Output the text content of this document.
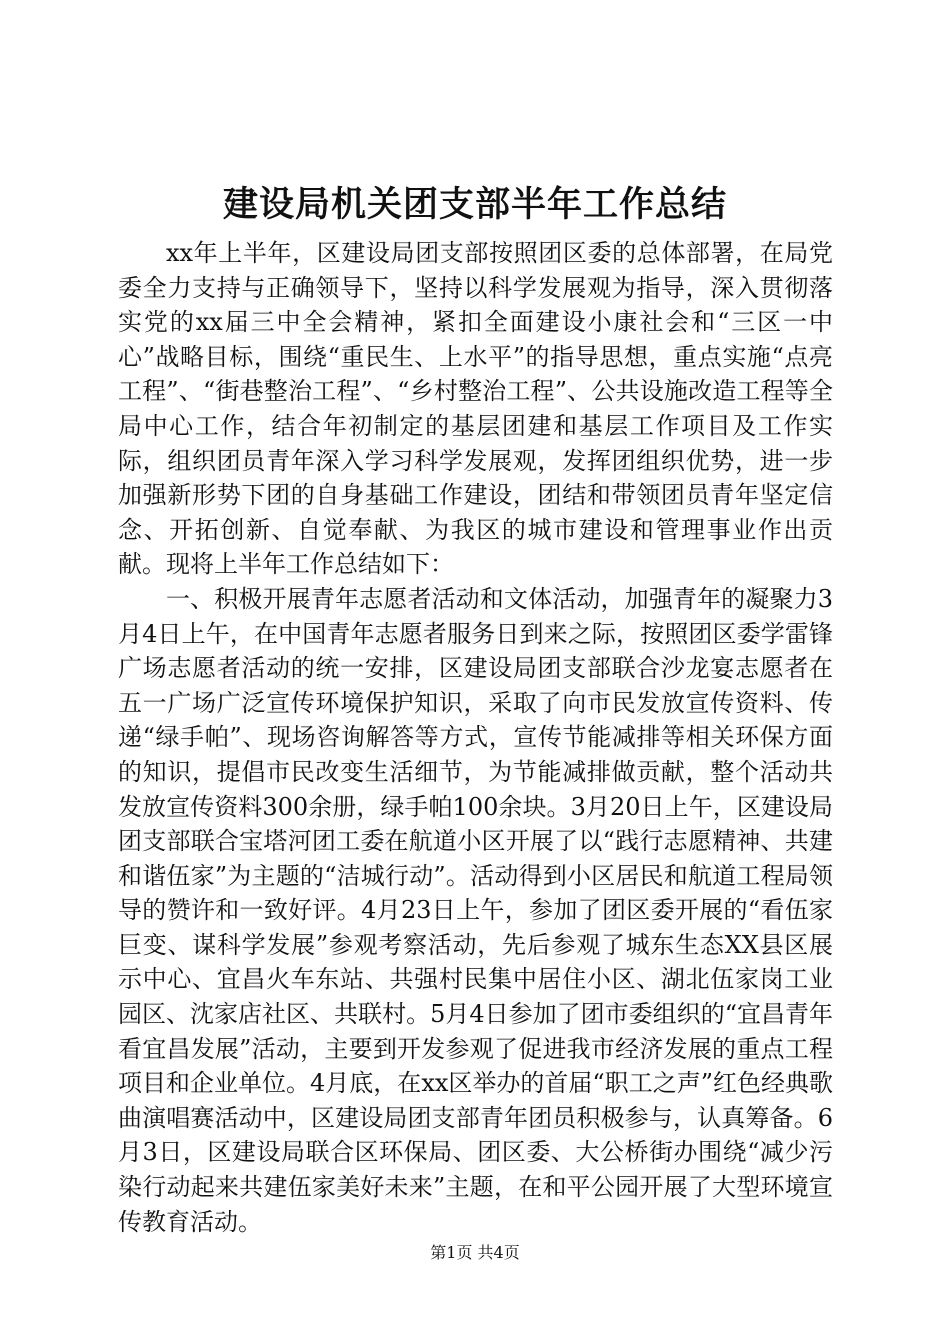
建设局机关团支部半年工作总结

xx年上半年，区建设局团支部按照团区委的总体部署，在局党委全力支持与正确领导下，坚持以科学发展观为指导，深入贯彻落实党的xx届三中全会精神，紧扣全面建设小康社会和“三区一中心”战略目标，围绕“重民生、上水平”的指导思想，重点实施“点亮工程”、“街巷整治工程”、“乡村整治工程”、公共设施改造工程等全局中心工作，结合年初制定的基层团建和基层工作项目及工作实际，组织团员青年深入学习科学发展观，发挥团组织优势，进一步加强新形势下团的自身基础工作建设，团结和带领团员青年坚定信念、开拓创新、自觉奉献、为我区的城市建设和管理事业作出贡献。现将上半年工作总结如下：

一、积极开展青年志愿者活动和文体活动，加强青年的凝聚力3月4日上午，在中国青年志愿者服务日到来之际，按照团区委学雷锋广场志愿者活动的统一安排，区建设局团支部联合沙龙宴志愿者在五一广场广泛宣传环境保护知识，采取了向市民发放宣传资料、传递“绿手帕”、现场咨询解答等方式，宣传节能减排等相关环保方面的知识，提倡市民改变生活细节，为节能减排做贡献，整个活动共发放宣传资料300余册，绿手帕100余块。3月20日上午，区建设局团支部联合宝塔河团工委在航道小区开展了以“践行志愿精神、共建和谐伍家”为主题的“洁城行动”。活动得到小区居民和航道工程局领导的赞许和一致好评。4月23日上午，参加了团区委开展的“看伍家巨变、谋科学发展”参观考察活动，先后参观了城东生态XX县区展示中心、宜昌火车东站、共强村民集中居住小区、湖北伍家岗工业园区、沈家店社区、共联村。5月4日参加了团市委组织的“宜昌青年看宜昌发展”活动，主要到开发参观了促进我市经济发展的重点工程项目和企业单位。4月底，在xx区举办的首届“职工之声”红色经典歌曲演唱赛活动中，区建设局团支部青年团员积极参与，认真筹备。6月3日，区建设局联合区环保局、团区委、大公桥街办围绕“减少污染行动起来共建伍家美好未来”主题，在和平公园开展了大型环境宣传教育活动。

第1页 共4页
